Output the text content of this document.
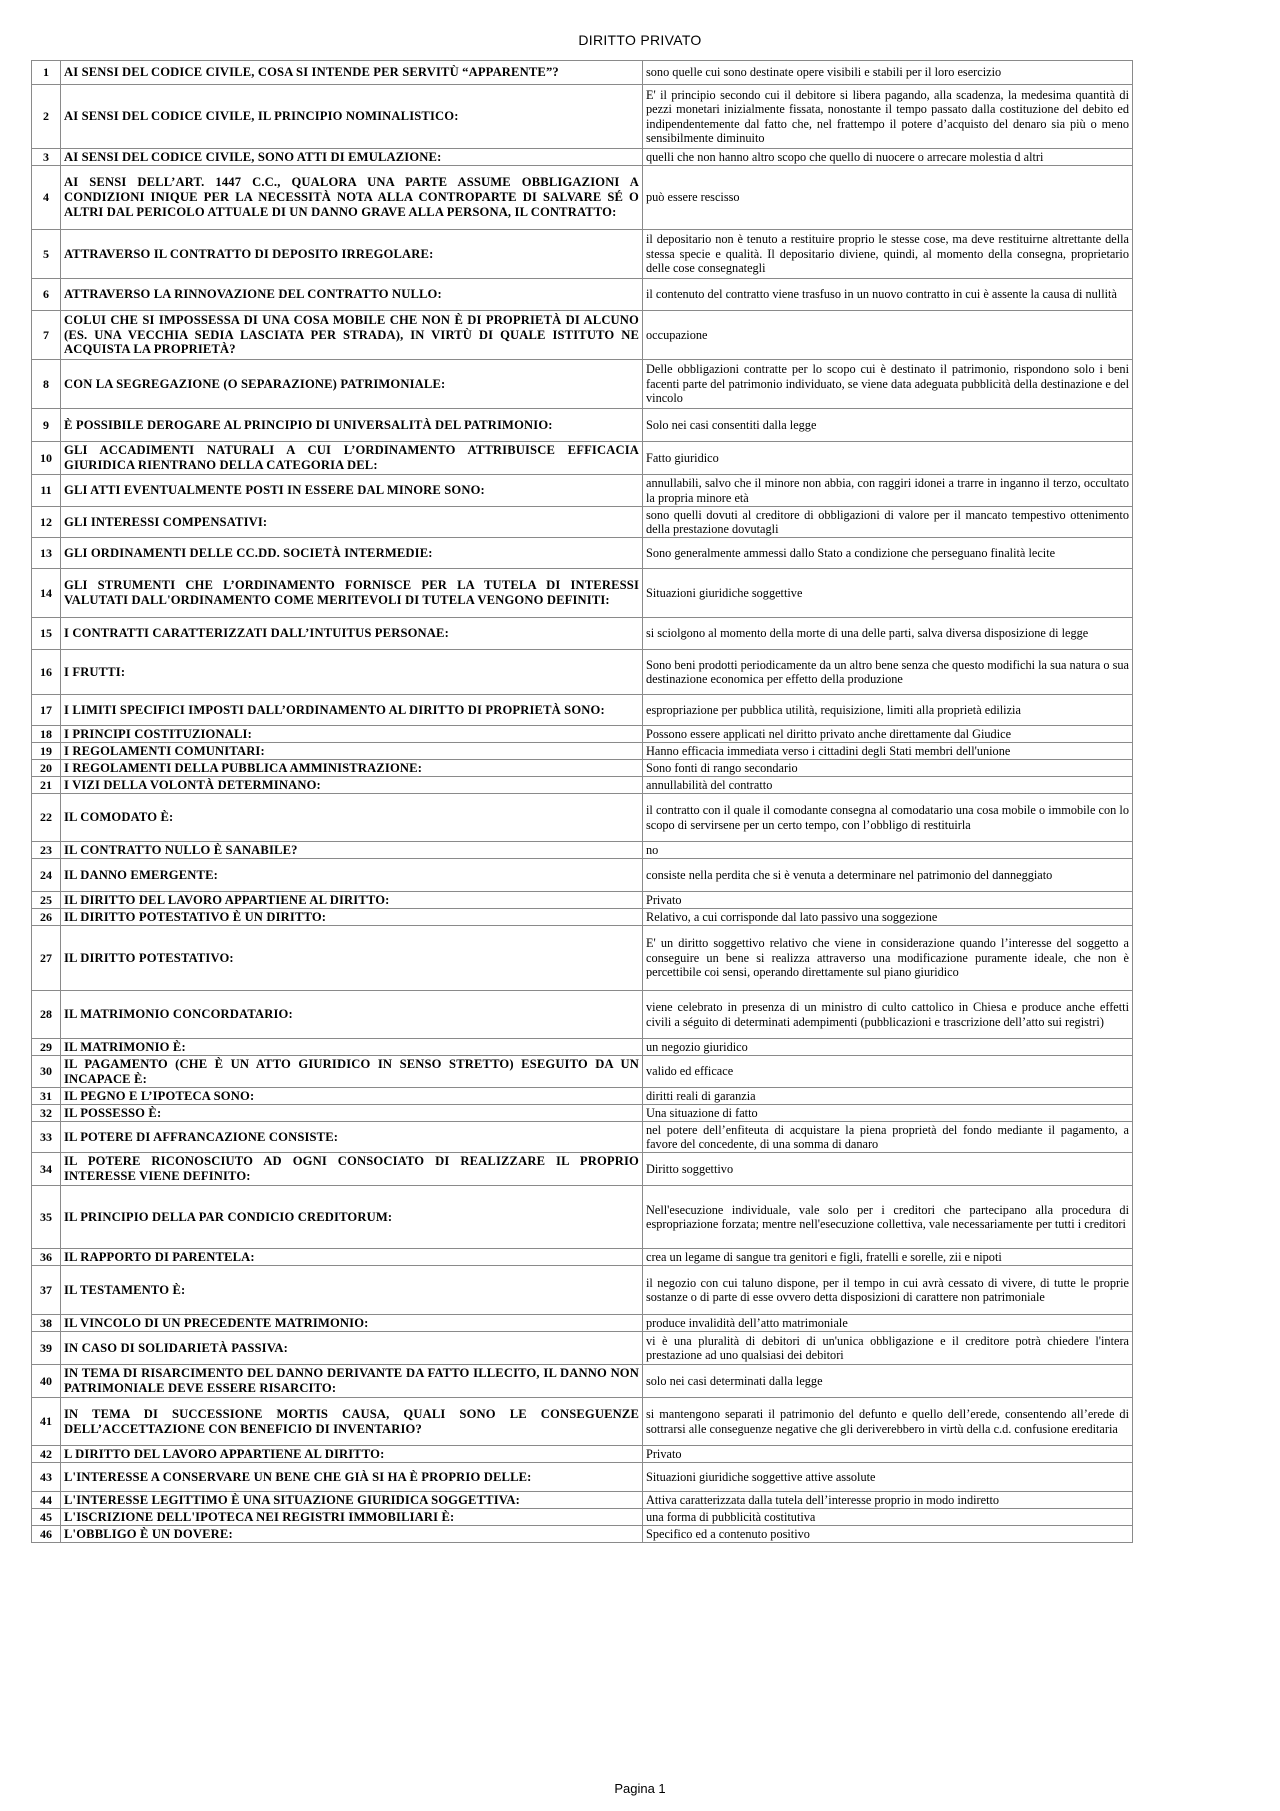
DIRITTO PRIVATO
1	AI SENSI DEL CODICE CIVILE, COSA SI INTENDE PER SERVITÙ “APPARENTE”?	sono quelle cui sono destinate opere visibili e stabili per il loro esercizio
2	AI SENSI DEL CODICE CIVILE, IL PRINCIPIO NOMINALISTICO:	E' il principio secondo cui il debitore si libera pagando, alla scadenza, la medesima quantità di pezzi monetari inizialmente fissata, nonostante il tempo passato dalla costituzione del debito ed indipendentemente dal fatto che, nel frattempo il potere d’acquisto del denaro sia più o meno sensibilmente diminuito
3	AI SENSI DEL CODICE CIVILE, SONO ATTI DI EMULAZIONE:	quelli che non hanno altro scopo che quello di nuocere o arrecare molestia d altri
4	AI SENSI DELL’ART. 1447 C.C., QUALORA UNA PARTE ASSUME OBBLIGAZIONI A CONDIZIONI INIQUE PER LA NECESSITÀ NOTA ALLA CONTROPARTE DI SALVARE SÉ O ALTRI DAL PERICOLO ATTUALE DI UN DANNO GRAVE ALLA PERSONA, IL CONTRATTO:	può essere rescisso
5	ATTRAVERSO IL CONTRATTO DI DEPOSITO IRREGOLARE:	il depositario non è tenuto a restituire proprio le stesse cose, ma deve restituirne altrettante della stessa specie e qualità. Il depositario diviene, quindi, al momento della consegna, proprietario delle cose consegnategli
6	ATTRAVERSO LA RINNOVAZIONE DEL CONTRATTO NULLO:	il contenuto del contratto viene trasfuso in un nuovo contratto in cui è assente la causa di nullità
7	COLUI CHE SI IMPOSSESSA DI UNA COSA MOBILE CHE NON È DI PROPRIETÀ DI ALCUNO (ES. UNA VECCHIA SEDIA LASCIATA PER STRADA), IN VIRTÙ DI QUALE ISTITUTO NE ACQUISTA LA PROPRIETÀ?	occupazione
8	CON LA SEGREGAZIONE (O SEPARAZIONE) PATRIMONIALE:	Delle obbligazioni contratte per lo scopo cui è destinato il patrimonio, rispondono solo i beni facenti parte del patrimonio individuato, se viene data adeguata pubblicità della destinazione e del vincolo
9	È POSSIBILE DEROGARE AL PRINCIPIO DI UNIVERSALITÀ DEL PATRIMONIO:	Solo nei casi consentiti dalla legge
10	GLI ACCADIMENTI NATURALI A CUI L’ORDINAMENTO ATTRIBUISCE EFFICACIA GIURIDICA RIENTRANO DELLA CATEGORIA DEL:	Fatto giuridico
11	GLI ATTI EVENTUALMENTE POSTI IN ESSERE DAL MINORE SONO:	annullabili, salvo che il minore non abbia, con raggiri idonei a trarre in inganno il terzo, occultato la propria minore età
12	GLI INTERESSI COMPENSATIVI:	sono quelli dovuti al creditore di obbligazioni di valore per il mancato tempestivo ottenimento della prestazione dovutagli
13	GLI ORDINAMENTI DELLE CC.DD. SOCIETÀ INTERMEDIE:	Sono generalmente ammessi dallo Stato a condizione che perseguano finalità lecite
14	GLI STRUMENTI CHE L’ORDINAMENTO FORNISCE PER LA TUTELA DI INTERESSI VALUTATI DALL'ORDINAMENTO COME MERITEVOLI DI TUTELA VENGONO DEFINITI:	Situazioni giuridiche soggettive
15	I CONTRATTI CARATTERIZZATI DALL’INTUITUS PERSONAE:	si sciolgono al momento della morte di una delle parti, salva diversa disposizione di legge
16	I FRUTTI:	Sono beni prodotti periodicamente da un altro bene senza che questo modifichi la sua natura o sua destinazione economica per effetto della produzione
17	I LIMITI SPECIFICI IMPOSTI DALL’ORDINAMENTO AL DIRITTO DI PROPRIETÀ SONO:	espropriazione per pubblica utilità, requisizione, limiti alla proprietà edilizia
18	I PRINCIPI COSTITUZIONALI:	Possono essere applicati nel diritto privato anche direttamente dal Giudice
19	I REGOLAMENTI COMUNITARI:	Hanno efficacia immediata verso i cittadini degli Stati membri dell'unione
20	I REGOLAMENTI DELLA PUBBLICA AMMINISTRAZIONE:	Sono fonti di rango secondario
21	I VIZI DELLA VOLONTÀ DETERMINANO:	annullabilità del contratto
22	IL COMODATO È:	il contratto con il quale il comodante consegna al comodatario una cosa mobile o immobile con lo scopo di servirsene per un certo tempo, con l’obbligo di restituirla
23	IL CONTRATTO NULLO È SANABILE?	no
24	IL DANNO EMERGENTE:	consiste nella perdita che si è venuta a determinare nel patrimonio del danneggiato
25	IL DIRITTO DEL LAVORO APPARTIENE AL DIRITTO:	Privato
26	IL DIRITTO POTESTATIVO È UN DIRITTO:	Relativo, a cui corrisponde dal lato passivo una soggezione
27	IL DIRITTO POTESTATIVO:	E' un diritto soggettivo relativo che viene in considerazione quando l’interesse del soggetto a conseguire un bene si realizza attraverso una modificazione puramente ideale, che non è percettibile coi sensi, operando direttamente sul piano giuridico
28	IL MATRIMONIO CONCORDATARIO:	viene celebrato in presenza di un ministro di culto cattolico in Chiesa e produce anche effetti civili a séguito di determinati adempimenti (pubblicazioni e trascrizione dell’atto sui registri)
29	IL MATRIMONIO È:	un negozio giuridico
30	IL PAGAMENTO (CHE È UN ATTO GIURIDICO IN SENSO STRETTO) ESEGUITO DA UN INCAPACE È:	valido ed efficace
31	IL PEGNO E L’IPOTECA SONO:	diritti reali di garanzia
32	IL POSSESSO È:	Una situazione di fatto
33	IL POTERE DI AFFRANCAZIONE CONSISTE:	nel potere dell’enfiteuta di acquistare la piena proprietà del fondo mediante il pagamento, a favore del concedente, di una somma di danaro
34	IL POTERE RICONOSCIUTO AD OGNI CONSOCIATO DI REALIZZARE IL PROPRIO INTERESSE VIENE DEFINITO:	Diritto soggettivo
35	IL PRINCIPIO DELLA PAR CONDICIO CREDITORUM:	Nell'esecuzione individuale, vale solo per i creditori che partecipano alla procedura di espropriazione forzata; mentre nell'esecuzione collettiva, vale necessariamente per tutti i creditori
36	IL RAPPORTO DI PARENTELA:	crea un legame di sangue tra genitori e figli, fratelli e sorelle, zii e nipoti
37	IL TESTAMENTO È:	il negozio con cui taluno dispone, per il tempo in cui avrà cessato di vivere, di tutte le proprie sostanze o di parte di esse ovvero detta disposizioni di carattere non patrimoniale
38	IL VINCOLO DI UN PRECEDENTE MATRIMONIO:	produce invalidità dell’atto matrimoniale
39	IN CASO DI SOLIDARIETÀ PASSIVA:	vi è una pluralità di debitori di un'unica obbligazione e il creditore potrà chiedere l'intera prestazione ad uno qualsiasi dei debitori
40	IN TEMA DI RISARCIMENTO DEL DANNO DERIVANTE DA FATTO ILLECITO, IL DANNO NON PATRIMONIALE DEVE ESSERE RISARCITO:	solo nei casi determinati dalla legge
41	IN TEMA DI SUCCESSIONE MORTIS CAUSA, QUALI SONO LE CONSEGUENZE DELL’ACCETTAZIONE CON BENEFICIO DI INVENTARIO?	si mantengono separati il patrimonio del defunto e quello dell’erede, consentendo all’erede di sottrarsi alle conseguenze negative che gli deriverebbero in virtù della c.d. confusione ereditaria
42	L DIRITTO DEL LAVORO APPARTIENE AL DIRITTO:	Privato
43	L'INTERESSE A CONSERVARE UN BENE CHE GIÀ SI HA È PROPRIO DELLE:	Situazioni giuridiche soggettive attive assolute
44	L'INTERESSE LEGITTIMO È UNA SITUAZIONE GIURIDICA SOGGETTIVA:	Attiva caratterizzata dalla tutela dell’interesse proprio in modo indiretto
45	L'ISCRIZIONE DELL'IPOTECA NEI REGISTRI IMMOBILIARI È:	una forma di pubblicità costitutiva
46	L'OBBLIGO È UN DOVERE:	Specifico ed a contenuto positivo
Pagina 1
